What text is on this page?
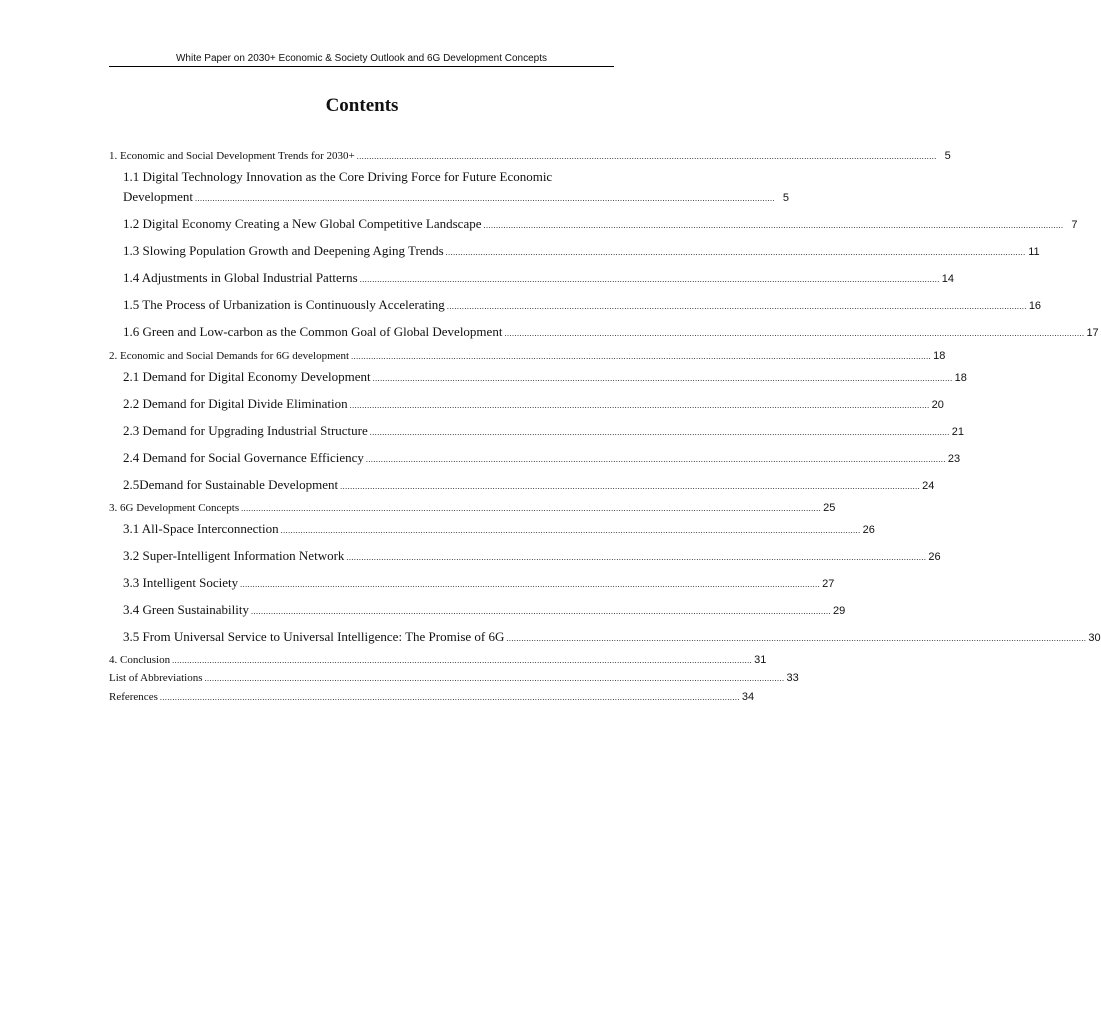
White Paper on 2030+ Economic & Society Outlook and 6G Development Concepts
Contents
1. Economic and Social Development Trends for 2030+ .....	5
1.1 Digital Technology Innovation as the Core Driving Force for Future Economic
Development .....	5
1.2 Digital Economy Creating a New Global Competitive Landscape .....	7
1.3 Slowing Population Growth and Deepening Aging Trends .....	11
1.4 Adjustments in Global Industrial Patterns .....	14
1.5 The Process of Urbanization is Continuously Accelerating .....	16
1.6 Green and Low-carbon as the Common Goal of Global Development .....	17
2. Economic and Social Demands for 6G development .....	18
2.1 Demand for Digital Economy Development .....	18
2.2 Demand for Digital Divide Elimination .....	20
2.3 Demand for Upgrading Industrial Structure .....	21
2.4 Demand for Social Governance Efficiency .....	23
2.5Demand for Sustainable Development .....	24
3. 6G Development Concepts .....	25
3.1 All-Space Interconnection .....	26
3.2 Super-Intelligent Information Network .....	26
3.3 Intelligent Society .....	27
3.4 Green Sustainability .....	29
3.5 From Universal Service to Universal Intelligence: The Promise of 6G .....	30
4. Conclusion .....	31
List of Abbreviations .....	33
References .....	34
